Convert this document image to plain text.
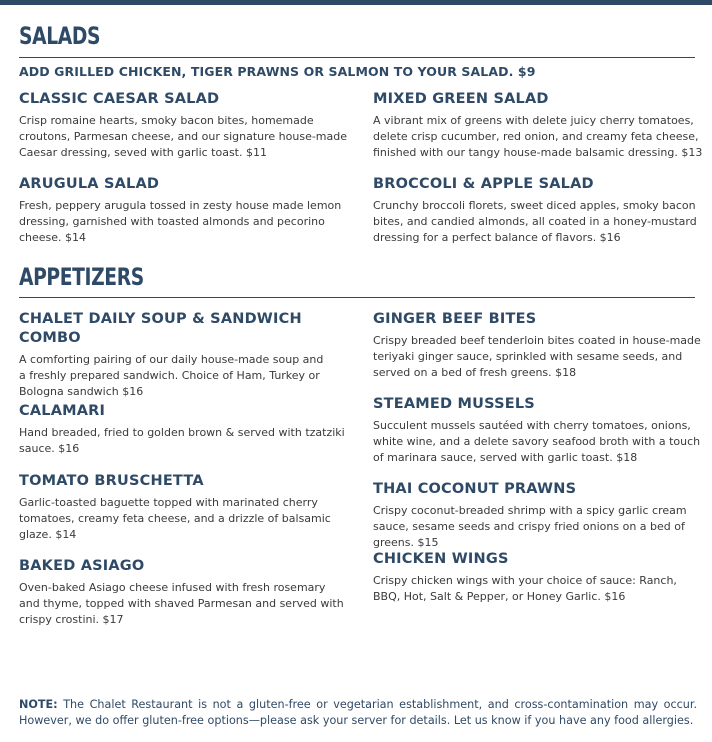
SALADS
ADD GRILLED CHICKEN, TIGER PRAWNS OR SALMON TO YOUR SALAD. $9
CLASSIC CAESAR SALAD
Crisp romaine hearts, smoky bacon bites, homemade croutons, Parmesan cheese, and our signature house-made Caesar dressing, seved with garlic toast. $11
MIXED GREEN SALAD
A vibrant mix of greens with delete juicy cherry tomatoes, delete crisp cucumber, red onion, and creamy feta cheese, finished with our tangy house-made balsamic dressing. $13
ARUGULA SALAD
Fresh, peppery arugula tossed in zesty house made lemon dressing, garnished with toasted almonds and pecorino cheese. $14
BROCCOLI & APPLE SALAD
Crunchy broccoli florets, sweet diced apples, smoky bacon bites, and candied almonds, all coated in a honey-mustard dressing for a perfect balance of flavors. $16
APPETIZERS
CHALET DAILY SOUP & SANDWICH COMBO
A comforting pairing of our daily house-made soup and a freshly prepared sandwich. Choice of Ham, Turkey or Bologna sandwich $16
GINGER BEEF BITES
Crispy breaded beef tenderloin bites coated in house-made teriyaki ginger sauce, sprinkled with sesame seeds, and served on a bed of fresh greens. $18
CALAMARI
Hand breaded, fried to golden brown & served with tzatziki sauce. $16
STEAMED MUSSELS
Succulent mussels sautéed with cherry tomatoes, onions, white wine, and a delete savory seafood broth with a touch of marinara sauce, served with garlic toast. $18
TOMATO BRUSCHETTA
Garlic-toasted baguette topped with marinated cherry tomatoes, creamy feta cheese, and a drizzle of balsamic glaze. $14
THAI COCONUT PRAWNS
Crispy coconut-breaded shrimp with a spicy garlic cream sauce, sesame seeds and crispy fried onions on a bed of greens. $15
BAKED ASIAGO
Oven-baked Asiago cheese infused with fresh rosemary and thyme, topped with shaved Parmesan and served with crispy crostini. $17
CHICKEN WINGS
Crispy chicken wings with your choice of sauce: Ranch, BBQ, Hot, Salt & Pepper, or Honey Garlic. $16
NOTE: The Chalet Restaurant is not a gluten-free or vegetarian establishment, and cross-contamination may occur. However, we do offer gluten-free options—please ask your server for details. Let us know if you have any food allergies.
